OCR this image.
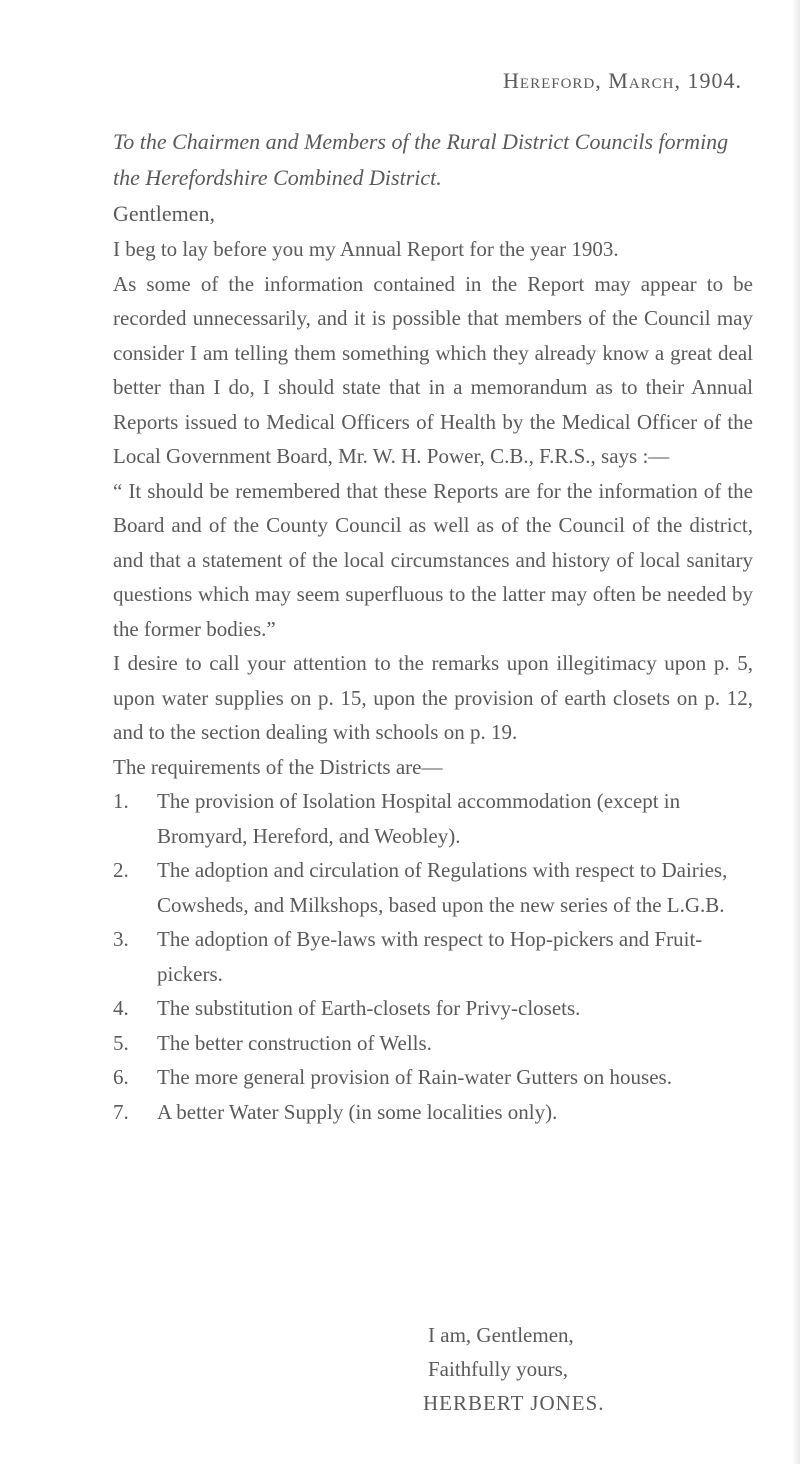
Hereford, March, 1904.
To the Chairmen and Members of the Rural District Councils forming the Herefordshire Combined District.
Gentlemen,

I beg to lay before you my Annual Report for the year 1903.

As some of the information contained in the Report may appear to be recorded unnecessarily, and it is possible that members of the Council may consider I am telling them something which they already know a great deal better than I do, I should state that in a memorandum as to their Annual Reports issued to Medical Officers of Health by the Medical Officer of the Local Government Board, Mr. W. H. Power, C.B., F.R.S., says :—

“ It should be remembered that these Reports are for the information of the Board and of the County Council as well as of the Council of the district, and that a statement of the local circumstances and history of local sanitary questions which may seem superfluous to the latter may often be needed by the former bodies.”

I desire to call your attention to the remarks upon illegitimacy upon p. 5, upon water supplies on p. 15, upon the provision of earth closets on p. 12, and to the section dealing with schools on p. 19.

The requirements of the Districts are—

1. The provision of Isolation Hospital accommodation (except in Bromyard, Hereford, and Weobley).
2. The adoption and circulation of Regulations with respect to Dairies, Cowsheds, and Milkshops, based upon the new series of the L.G.B.
3. The adoption of Bye-laws with respect to Hop-pickers and Fruit-pickers.
4. The substitution of Earth-closets for Privy-closets.
5. The better construction of Wells.
6. The more general provision of Rain-water Gutters on houses.
7. A better Water Supply (in some localities only).
I am, Gentlemen,
Faithfully yours,
HERBERT JONES.
